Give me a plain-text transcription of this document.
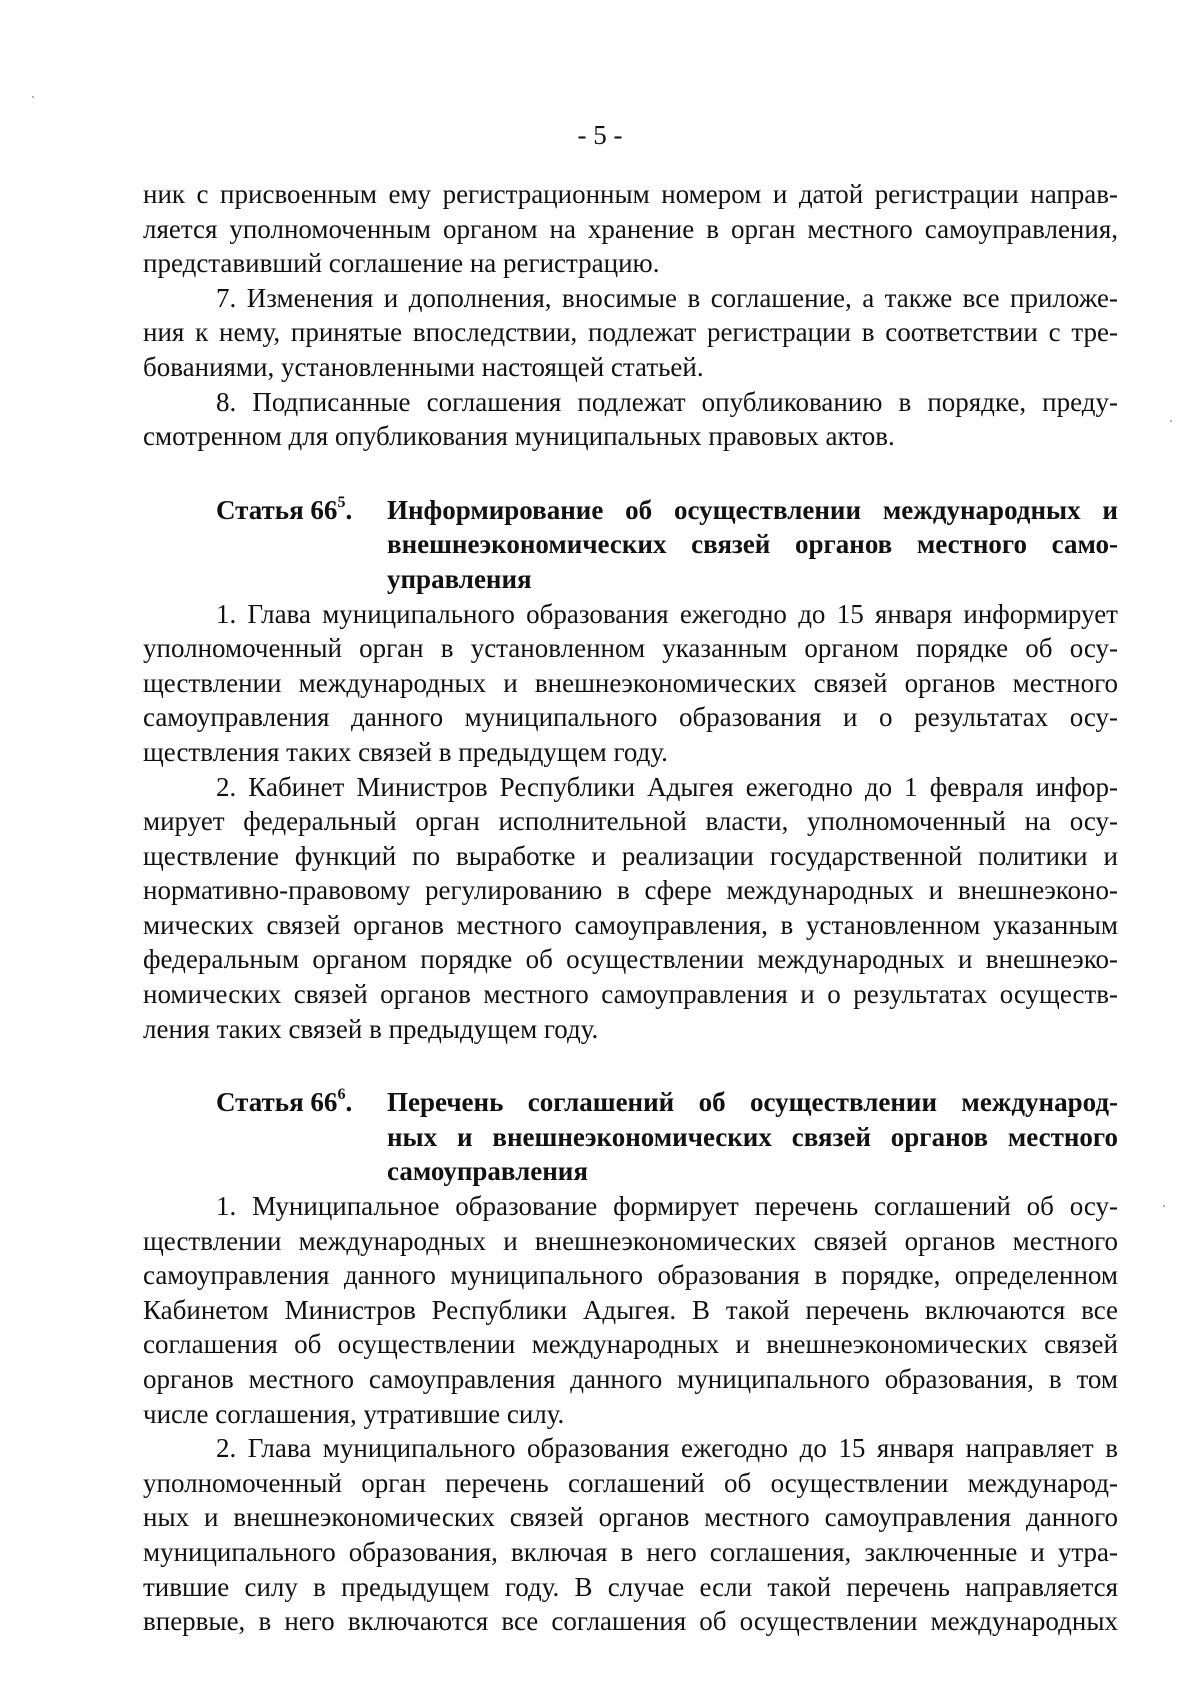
- 5 -

ник с присвоенным ему регистрационным номером и датой регистрации направ-

ляется уполномоченным органом на хранение в орган местного самоуправления,

представивший соглашение на регистрацию.

7. Изменения и дополнения, вносимые в соглашение, а также все приложе-

ния к нему, принятые впоследствии, подлежат регистрации в соответствии с тре-

бованиями, установленными настоящей статьей.

8. Подписанные соглашения подлежат опубликованию в порядке, преду-

смотренном для опубликования муниципальных правовых актов.

Статья $66^5$.	Информирование об осуществлении международных и

внешнеэкономических связей органов местного само-

управления

1. Глава муниципального образования ежегодно до 15 января информирует

уполномоченный орган в установленном указанным органом порядке об осу-

ществлении международных и внешнеэкономических связей органов местного

самоуправления данного муниципального образования и о результатах осу-

ществления таких связей в предыдущем году.

2. Кабинет Министров Республики Адыгея ежегодно до 1 февраля инфор-

мирует федеральный орган исполнительной власти, уполномоченный на осу-

ществление функций по выработке и реализации государственной политики и

нормативно-правовому регулированию в сфере международных и внешнеэконо-

мических связей органов местного самоуправления, в установленном указанным

федеральным органом порядке об осуществлении международных и внешнеэко-

номических связей органов местного самоуправления и о результатах осуществ-

ления таких связей в предыдущем году.

Статья $66^6$.	Перечень соглашений об осуществлении международ-

ных и внешнеэкономических связей органов местного

самоуправления

1. Муниципальное образование формирует перечень соглашений об осу-

ществлении международных и внешнеэкономических связей органов местного

самоуправления данного муниципального образования в порядке, определенном

Кабинетом Министров Республики Адыгея. В такой перечень включаются все

соглашения об осуществлении международных и внешнеэкономических связей

органов местного самоуправления данного муниципального образования, в том

числе соглашения, утратившие силу.

2. Глава муниципального образования ежегодно до 15 января направляет в

уполномоченный орган перечень соглашений об осуществлении международ-

ных и внешнеэкономических связей органов местного самоуправления данного

муниципального образования, включая в него соглашения, заключенные и утра-

тившие силу в предыдущем году. В случае если такой перечень направляется

впервые, в него включаются все соглашения об осуществлении международных
